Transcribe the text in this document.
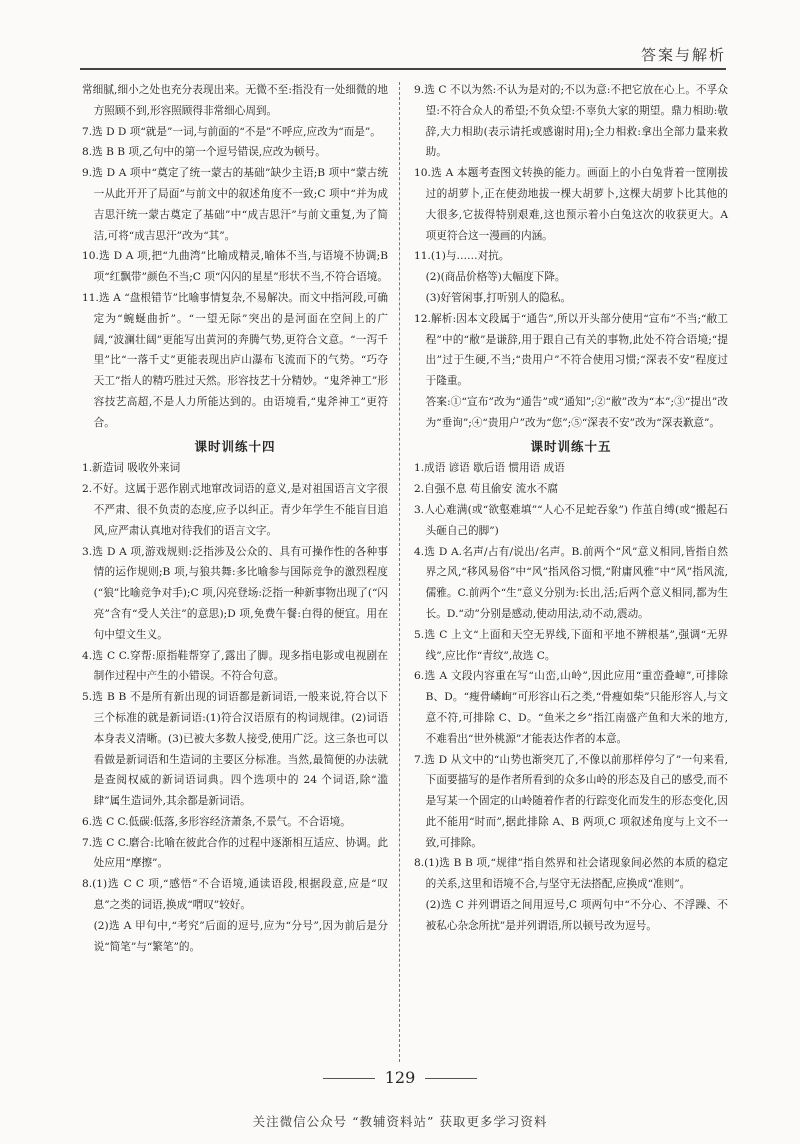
答案与解析

常细腻,细小之处也充分表现出来。无微不至:指没有一处细微的地方照顾不到,形容照顾得非常细心周到。

7.选 D D 项“就是”一词,与前面的“不是”不呼应,应改为“而是”。

8.选 B B 项,乙句中的第一个逗号错误,应改为顿号。

9.选 D A 项中“奠定了统一蒙古的基础”缺少主语;B 项中“蒙古统一从此开开了局面”与前文中的叙述角度不一致;C 项中“并为成吉思汗统一蒙古奠定了基础”中“成吉思汗”与前文重复,为了简洁,可将“成吉思汗”改为“其”。

10.选 D A 项,把“九曲湾”比喻成精灵,喻体不当,与语境不协调;B 项“红飘带”颜色不当;C 项“闪闪的星星”形状不当,不符合语境。

11.选 A “盘根错节”比喻事情复杂,不易解决。而文中指河段,可确定为“蜿蜒曲折”。“一望无际”突出的是河面在空间上的广阔,“波澜壮阔”更能写出黄河的奔腾气势,更符合文意。“一泻千里”比“一落千丈”更能表现出庐山瀑布飞流而下的气势。“巧夺天工”指人的精巧胜过天然。形容技艺十分精妙。“鬼斧神工”形容技艺高超,不是人力所能达到的。由语境看,“鬼斧神工”更符合。

课时训练十四

1.新造词 吸收外来词

2.不好。这属于恶作剧式地窜改词语的意义,是对祖国语言文字很不严肃、很不负责的态度,应予以纠正。青少年学生不能盲目追风,应严肃认真地对待我们的语言文字。

3.选 D A 项,游戏规则:泛指涉及公众的、具有可操作性的各种事情的运作规则;B 项,与狼共舞:多比喻参与国际竞争的激烈程度(“狼”比喻竞争对手);C 项,闪亮登场:泛指一种新事物出现了(“闪亮”含有“受人关注”的意思);D 项,免费午餐:白得的便宜。用在句中望文生义。

4.选 C C.穿帮:原指鞋帮穿了,露出了脚。现多指电影或电视剧在制作过程中产生的小错误。不符合句意。

5.选 B B 不是所有新出现的词语都是新词语,一般来说,符合以下三个标准的就是新词语:(1)符合汉语原有的构词规律。(2)词语本身表义清晰。(3)已被大多数人接受,使用广泛。这三条也可以看做是新词语和生造词的主要区分标准。当然,最简便的办法就是查阅权威的新词语词典。四个选项中的 24 个词语,除“滥肆”属生造词外,其余都是新词语。

6.选 C C.低碳:低落,多形容经济萧条,不景气。不合语境。

7.选 C C.磨合:比喻在彼此合作的过程中逐渐相互适应、协调。此处应用“摩擦”。

8.(1)选 C C 项,“感悟”不合语境,通读语段,根据段意,应是“叹息”之类的词语,换成“喟叹”较好。

(2)选 A 甲句中,“考究”后面的逗号,应为“分号”,因为前后是分说“简笔”与“繁笔”的。

9.选 C 不以为然:不认为是对的;不以为意:不把它放在心上。不孚众望:不符合众人的希望;不负众望:不辜负大家的期望。鼎力相助:敬辞,大力相助(表示请托或感谢时用);全力相救:拿出全部力量来救助。

10.选 A 本题考查图文转换的能力。画面上的小白兔背着一筐刚拔过的胡萝卜,正在使劲地拔一棵大胡萝卜,这棵大胡萝卜比其他的大很多,它拔得特别艰难,这也预示着小白兔这次的收获更大。A 项更符合这一漫画的内涵。

11.(1)与……对抗。

(2)(商品价格等)大幅度下降。

(3)好管闲事,打听别人的隐私。

12.解析:因本文段属于“通告”,所以开头部分使用“宣布”不当;“敝工程”中的“敝”是谦辞,用于跟自己有关的事物,此处不符合语境;“提出”过于生硬,不当;“贵用户”不符合使用习惯;“深表不安”程度过于隆重。

答案:①“宣布”改为“通告”或“通知”;②“敝”改为“本”;③“提出”改为“垂询”;④“贵用户”改为“您”;⑤“深表不安”改为“深表歉意”。

课时训练十五

1.成语 谚语 歇后语 惯用语 成语

2.自强不息 苟且偷安 流水不腐

3.人心难满(或“欲壑难填”“人心不足蛇吞象”) 作茧自缚(或“搬起石头砸自己的脚”)

4.选 D A.名声/占有/说出/名声。B.前两个“风”意义相同,皆指自然界之风,“移风易俗”中“风”指风俗习惯,“附庸风雅”中“风”指风流,儒雅。C.前两个“生”意义分别为:长出,活;后两个意义相同,都为生长。D.“动”分别是感动,使动用法,动不动,震动。

5.选 C 上文“上面和天空无界线,下面和平地不辨根基”,强调“无界线”,应比作“青纹”,故选 C。

6.选 A 文段内容重在写“山峦,山岭”,因此应用“重峦叠嶂”,可排除 B、D。“瘦骨嶙峋”可形容山石之类,“骨瘦如柴”只能形容人,与文意不符,可排除 C、D。“鱼米之乡”指江南盛产鱼和大米的地方,不难看出“世外桃源”才能表达作者的本意。

7.选 D 从文中的“山势也渐突兀了,不像以前那样停匀了”一句来看,下面要描写的是作者所看到的众多山岭的形态及自己的感受,而不是写某一个固定的山岭随着作者的行踪变化而发生的形态变化,因此不能用“时而”,据此排除 A、B 两项,C 项叙述角度与上文不一致,可排除。

8.(1)选 B B 项,“规律”指自然界和社会诸现象间必然的本质的稳定的关系,这里和语境不合,与坚守无法搭配,应换成“准则”。

(2)选 C 并列谓语之间用逗号,C 项两句中“不分心、不浮躁、不被私心杂念所扰”是并列谓语,所以顿号改为逗号。

129
关注微信公众号 “教辅资料站” 获取更多学习资料
